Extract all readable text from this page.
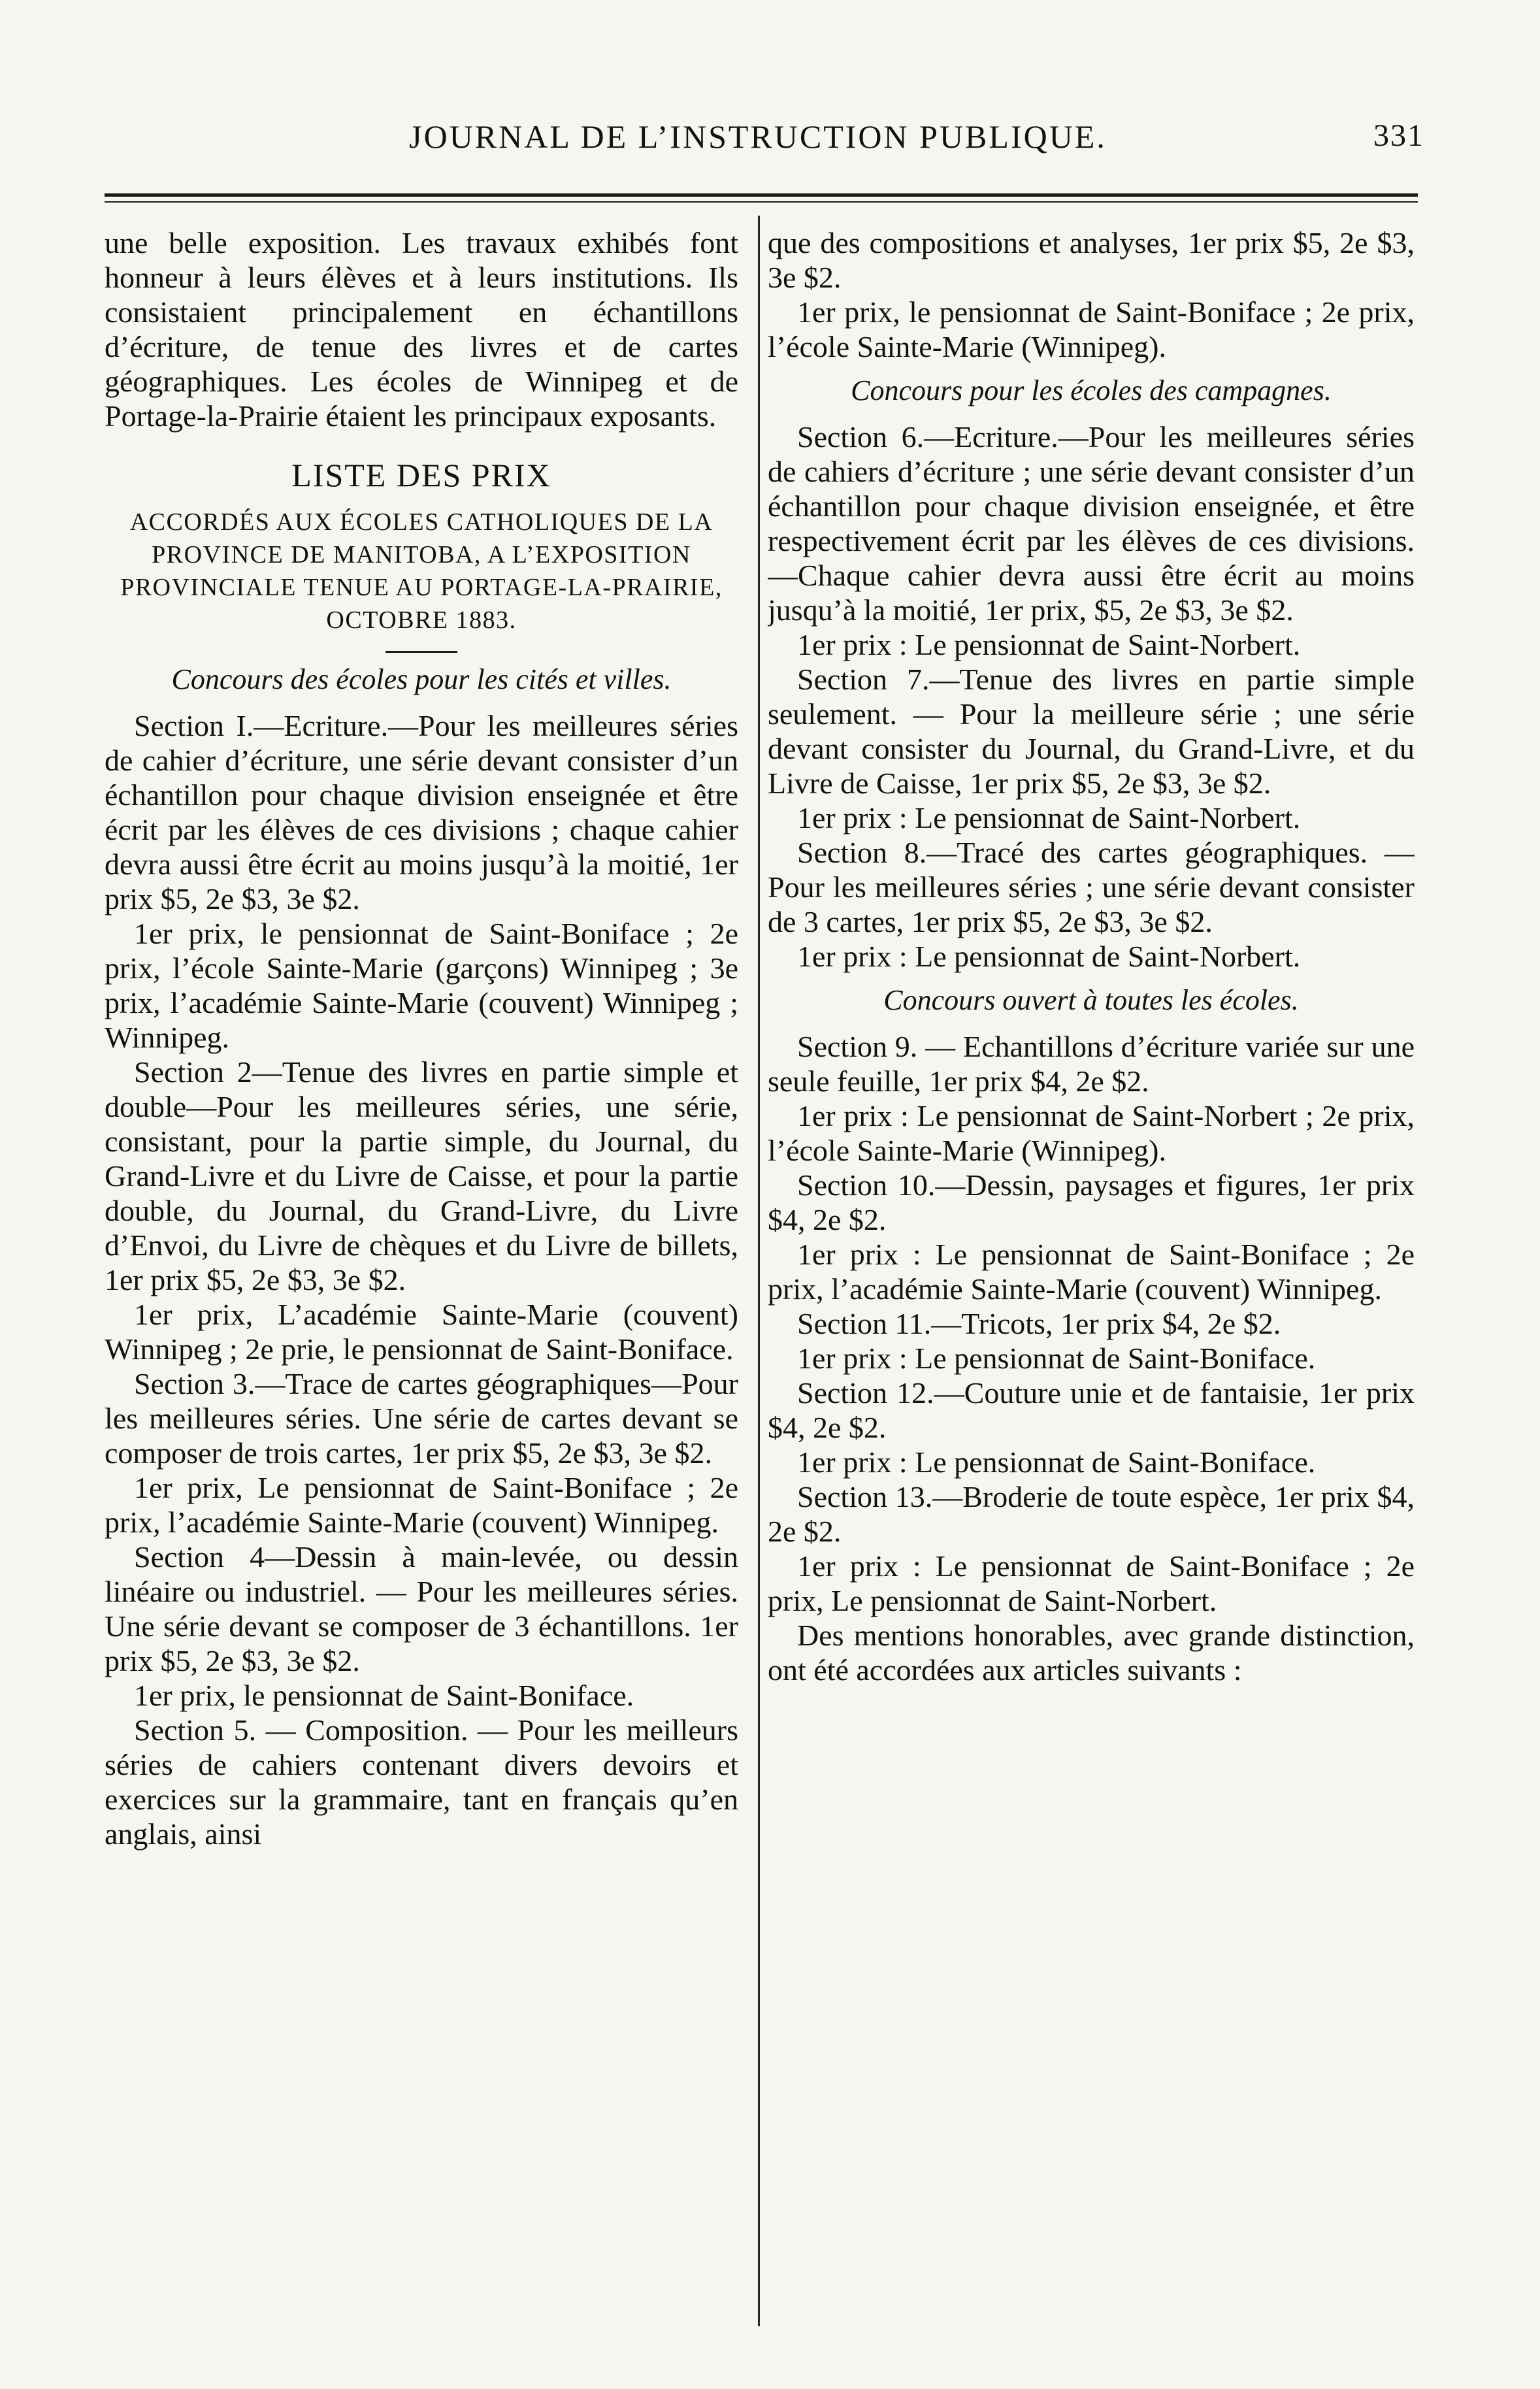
JOURNAL DE L’INSTRUCTION PUBLIQUE.	331

une belle exposition. Les travaux exhibés font honneur à leurs élèves et à leurs institutions. Ils consistaient principalement en échantillons d’écriture, de tenue des livres et de cartes géographiques. Les écoles de Winnipeg et de Portage-la-Prairie étaient les principaux exposants.

LISTE DES PRIX
ACCORDÉS AUX ÉCOLES CATHOLIQUES DE LA PROVINCE DE MANITOBA, A L’EXPOSITION PROVINCIALE TENUE AU PORTAGE-LA-PRAIRIE, OCTOBRE 1883.
Concours des écoles pour les cités et villes.

Section I.—Ecriture.—Pour les meilleures séries de cahier d’écriture, une série devant consister d’un échantillon pour chaque division enseignée et être écrit par les élèves de ces divisions ; chaque cahier devra aussi être écrit au moins jusqu’à la moitié, 1er prix $5, 2e $3, 3e $2.

1er prix, le pensionnat de Saint-Boniface ; 2e prix, l’école Sainte-Marie (garçons) Winnipeg ; 3e prix, l’académie Sainte-Marie (couvent) Winnipeg ; Winnipeg.

Section 2—Tenue des livres en partie simple et double—Pour les meilleures séries, une série, consistant, pour la partie simple, du Journal, du Grand-Livre et du Livre de Caisse, et pour la partie double, du Journal, du Grand-Livre, du Livre d’Envoi, du Livre de chèques et du Livre de billets, 1er prix $5, 2e $3, 3e $2.

1er prix, L’académie Sainte-Marie (couvent) Winnipeg ; 2e prie, le pensionnat de Saint-Boniface.

Section 3.—Trace de cartes géographiques—Pour les meilleures séries. Une série de cartes devant se composer de trois cartes, 1er prix $5, 2e $3, 3e $2.

1er prix, Le pensionnat de Saint-Boniface ; 2e prix, l’académie Sainte-Marie (couvent) Winnipeg.

Section 4—Dessin à main-levée, ou dessin linéaire ou industriel. — Pour les meilleures séries. Une série devant se composer de 3 échantillons. 1er prix $5, 2e $3, 3e $2.

1er prix, le pensionnat de Saint-Boniface.

Section 5. — Composition. — Pour les meilleurs séries de cahiers contenant divers devoirs et exercices sur la grammaire, tant en français qu’en anglais, ainsi

que des compositions et analyses, 1er prix $5, 2e $3, 3e $2.

1er prix, le pensionnat de Saint-Boniface ; 2e prix, l’école Sainte-Marie (Winnipeg).

Concours pour les écoles des campagnes.

Section 6.—Ecriture.—Pour les meilleures séries de cahiers d’écriture ; une série devant consister d’un échantillon pour chaque division enseignée, et être respectivement écrit par les élèves de ces divisions.—Chaque cahier devra aussi être écrit au moins jusqu’à la moitié, 1er prix, $5, 2e $3, 3e $2.

1er prix : Le pensionnat de Saint-Norbert.

Section 7.—Tenue des livres en partie simple seulement. — Pour la meilleure série ; une série devant consister du Journal, du Grand-Livre, et du Livre de Caisse, 1er prix $5, 2e $3, 3e $2.

1er prix : Le pensionnat de Saint-Norbert.

Section 8.—Tracé des cartes géographiques. — Pour les meilleures séries ; une série devant consister de 3 cartes, 1er prix $5, 2e $3, 3e $2.

1er prix : Le pensionnat de Saint-Norbert.

Concours ouvert à toutes les écoles.

Section 9. — Echantillons d’écriture variée sur une seule feuille, 1er prix $4, 2e $2.

1er prix : Le pensionnat de Saint-Norbert ; 2e prix, l’école Sainte-Marie (Winnipeg).

Section 10.—Dessin, paysages et figures, 1er prix $4, 2e $2.

1er prix : Le pensionnat de Saint-Boniface ; 2e prix, l’académie Sainte-Marie (couvent) Winnipeg.

Section 11.—Tricots, 1er prix $4, 2e $2.

1er prix : Le pensionnat de Saint-Boniface.

Section 12.—Couture unie et de fantaisie, 1er prix $4, 2e $2.

1er prix : Le pensionnat de Saint-Boniface.

Section 13.—Broderie de toute espèce, 1er prix $4, 2e $2.

1er prix : Le pensionnat de Saint-Boniface ; 2e prix, Le pensionnat de Saint-Norbert.

Des mentions honorables, avec grande distinction, ont été accordées aux articles suivants :
